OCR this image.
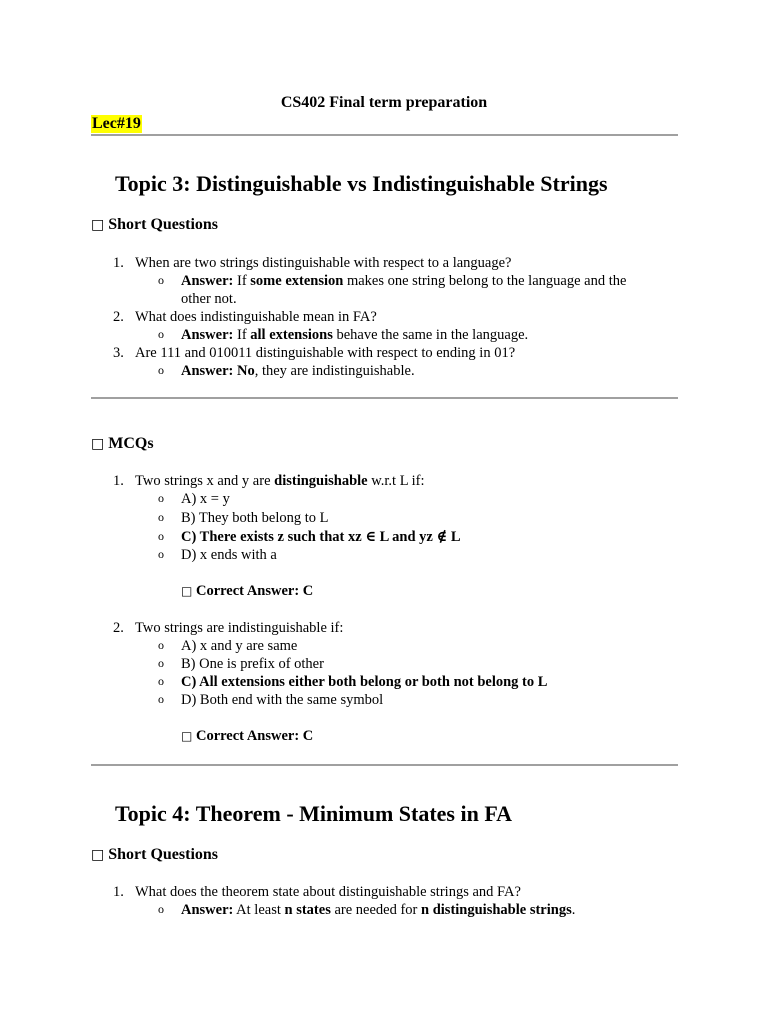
CS402 Final term preparation
Lec#19
Topic 3: Distinguishable vs Indistinguishable Strings
□ Short Questions
1. When are two strings distinguishable with respect to a language?
o Answer: If some extension makes one string belong to the language and the
other not.
2. What does indistinguishable mean in FA?
o Answer: If all extensions behave the same in the language.
3. Are 111 and 010011 distinguishable with respect to ending in 01?
o Answer: No, they are indistinguishable.
□ MCQs
1. Two strings x and y are distinguishable w.r.t L if:
o A) x = y
o B) They both belong to L
o C) There exists z such that xz ∈ L and yz ∉ L
o D) x ends with a
□ Correct Answer: C
2. Two strings are indistinguishable if:
o A) x and y are same
o B) One is prefix of other
o C) All extensions either both belong or both not belong to L
o D) Both end with the same symbol
□ Correct Answer: C
Topic 4: Theorem - Minimum States in FA
□ Short Questions
1. What does the theorem state about distinguishable strings and FA?
o Answer: At least n states are needed for n distinguishable strings.
